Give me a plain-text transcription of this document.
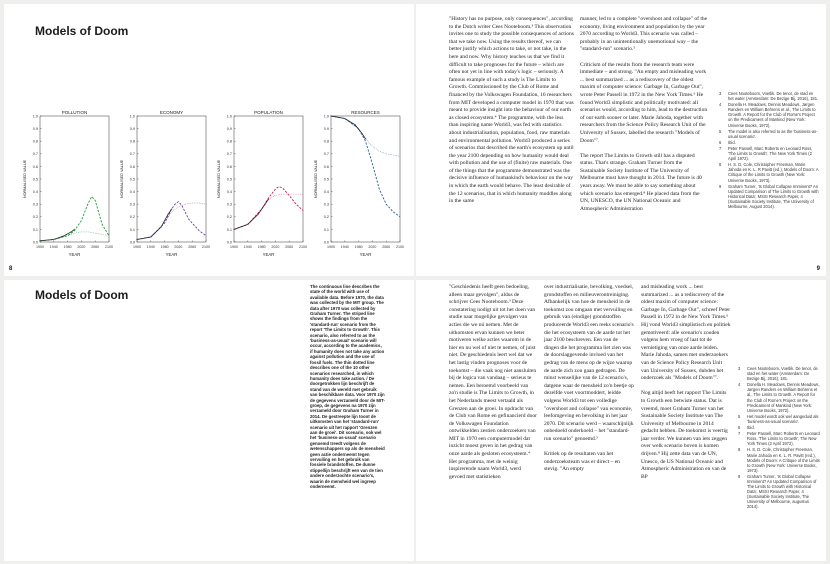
Models of Doom
POLLUTION
0.0
0.1
0.2
0.3
0.4
0.5
0.6
0.7
0.8
0.9
1.0
1900 1940 1980 2020 2060 2100
YEAR
NORMALISED VALUE
ECONOMY
0.0
0.1
0.2
0.3
0.4
0.5
0.6
0.7
0.8
0.9
1.0
1900 1940 1980 2020 2060 2100
YEAR
NORMALISED VALUE
POPULATION
0.0
0.1
0.2
0.3
0.4
0.5
0.6
0.7
0.8
0.9
1.0
1900 1940 1980 2020 2060 2100
YEAR
NORMALISED VALUE
RESOURCES
0.0
0.1
0.2
0.3
0.4
0.5
0.6
0.7
0.8
0.9
1.0
1900 1940 1980 2020 2060 2100
YEAR
NORMALISED VALUE
8
"History has no purpose, only consequences", according to the Dutch writer Cees Nooteboom.³ This observation invites one to study the possible consequences of actions that we take now. Using the results thereof, we can better justify which actions to take, or not take, in the here and now. Why history teaches us that we find it difficult to take prognoses for the future – which are often not yet in line with today's logic – seriously. A famous example of such a study is The Limits to Growth. Commissioned by the Club of Rome and financed by the Volkswagen Foundation, 16 researchers from MIT developed a computer model in 1970 that was meant to provide insight into the behaviour of our earth as closed ecosystem.⁴ The programme, with the less than inspiring name World3, was fed with statistics about industrialisation, population, food, raw materials and environmental pollution. World3 produced a series of scenarios that described the earth's ecosystem up until the year 2100 depending on how humanity would deal with pollution and the use of (finite) raw materials. One of the things that the programme demonstrated was the decisive influence of humankind's behaviour on the way in which the earth would behave. The least desirable of the 12 scenarios, that in which humanity muddles along in the same
manner, led to a complete "overshoot and collapse" of the economy, living environment and population by the year 2070 according to World3. This scenario was called – probably in an unintentionally unemotional way – the "standard-run" scenario.⁵

Criticism of the results from the research team were immediate – and strong. "An empty and misleading work ... best summarized ... as a rediscovery of the oldest maxim of computer science: Garbage In, Garbage Out", wrote Peter Passell in 1972 in the New York Times.⁶ He found World3 simplistic and politically motivated: all scenarios would, according to him, lead to the destruction of our earth sooner or later. Marie Jahoda, together with researchers from the Science Policy Research Unit of the University of Sussex, labelled the research "Models of Doom"⁷.

The report The Limits to Growth still has a disputed status. That's strange. Graham Turner from the Sustainable Society Institute of The University of Melbourne must have thought in 2014. The future is 40 years away. We must be able to say something about which scenario has emerged.⁸ He placed data from the UN, UNESCO, the UN National Oceanic and Atmospheric Administration
3 Cees Nooteboom, Voetlik. De tenor, de stad en het water (Amsterdam: De Bezige Bij, 2016), 181.
4 Donella H. Meadows, Dennis Meadows, Jørgen Randers en William Behrens et al., The Limits to Growth. A Report for the Club of Rome's Project on the Predicament of Mankind (New York: Universe Books, 1972).
5 The model is also referred to as the 'business-as-usual scenario'.
6 Ibid.
7 Peter Passell, Marc Roberts en Leonard Ross, 'The Limits to Growth', The New York Times (2 April 1972).
8 H. S. D. Cole, Christopher Freeman, Marie Jahoda en K. L. R Pavitt (ed.), Models of Doom: A Critique of the Limits to Growth (New York: Universe Books, 1973).
9 Graham Turner, 'Is Global Collapse Imminent? An Updated Comparison of The Limits to Growth with Historical Data', MSSI Research Paper, 4 (Sustainable Society Institute, The University of Melbourne, August 2014).
9
Models of Doom
The continuous line describes the state of the world with use of available data. Before 1970, the data was collected by the MIT group. The data after 1970 was collected by Graham Turner. The striped line shows the findings from the 'standard-run' scenario from the report 'The Limits to Growth'. This scenario, also referred to as the 'business-as-usual' scenario will occur, according to the academics, if humanity does not take any action against pollution and the use of fossil fuels. The thin dotted line describes one of the 10 other scenarios researched, in which humanity does take action. / De doorgetrokken lijn beschrijft de stand van de wereld met gebruik van beschikbare data. Voor 1970 zijn de gegevens verzameld door de MIT-groep, de gegevens na 1970 zijn verzameld door Graham Turner in 2014. De gestreepte lijn toont de uitkomsten van het 'standard-run' scenario uit het rapport 'Grenzen aan de groei'. Dit scenario, ook wel het 'business-as-usual' scenario genoemd treedt volgens de wetenschappers op als de mensheid geen actie onderneemt tegen vervuiling en het gebruik van fossiele brandstoffen. De dunne stippellijn beschrijft een van de tien andere onderzochte scenario's, waarin de mensheid wel ingreep onderneemt.
"Geschiedenis heeft geen bedoeling, alleen maar gevolgen", aldus de schrijver Cees Nooteboom.³ Deze constatering nodigt uit tot het doen van studie naar mogelijke gevolgen van acties die we nú nemen. Met de uitkomsten ervan kunnen we beter motiveren welke acties waarom in de hier en nu wel of niet te nemen, of juist niet. De geschiedenis leert wel dat we het lastig vinden prognoses voor de toekomst – die vaak nog niet aansluiten bij de logica van vandaag – serieus te nemen. Een beroemd voorbeeld van zo'n studie is The Limits to Growth, in het Nederlands meest vertaald als Grenzen aan de groei. In opdracht van de Club van Rome en gefinancierd door de Volkswagen Foundation ontwikkelden zestien onderzoekers van MIT in 1970 een computermodel dat inzicht moest geven in het gedrag van onze aarde als gesloten ecosysteem.⁴ Het programma, met de weinig inspirerende naam World3, werd gevoed met statistieken
over industrialisatie, bevolking, voedsel, grondstoffen en milieuverontreiniging. Afhankelijk van hoe de mensheid in de toekomst zou omgaan met vervuiling en gebruik van (eindige) grondstoffen produceerde World3 een reeks scenario's die het ecosysteem van de aarde tot het jaar 2100 beschreven. Een van de dingen die het programma liet zien was de doorslaggevende invloed van het gedrag van de mens op de wijze waarop de aarde zich zou gaan gedragen. De minst wenselijke van de 12 scenario's, datgene waar de mensheid zo'n beetje op dezelfde voet voortmoddert, leidde volgens World3 tot een volledige "overshoot and collapse" van economie, leefomgeving en bevolking in het jaar 2070. Dit scenario werd – waarschijnlijk onbedoeld onderkoeld – het "standard-run scenario" genoemd.⁵

Kritiek op de resultaten van het onderzoeksteam was er direct – en stevig. "An empty
and misleading work ... best summarized ... as a rediscovery of the oldest maxim of computer science: Garbage In, Garbage Out", schreef Peter Passell in 1972 in de New York Times.⁶ Hij vond World3 simplistisch en politiek gemotiveerd: alle scenario's zouden volgens hem vroeg of laat tot de vernietiging van onze aarde leiden. Marie Jahoda, samen met onderzoekers van de Science Policy Research Unit van University of Sussex, dubden het onderzoek als "Models of Doom"⁷.

Nog altijd heeft het rapport The Limits to Growth een betwiste status. Dat is vreemd, moet Graham Turner van het Sustainable Society Institute van The University of Melbourne in 2014 gedacht hebben. De toekomst is veertig jaar verder. We kunnen van iets zeggen over welk scenario boven is komen drijven.⁸ Hij zette data van de UN, Unesco, de US National Oceanic and Atmospheric Administration en van de BP
3 Cees Nooteboom, Voetlik. De tenor, de stad en het water (Amsterdam: De Bezige Bij, 2016), 181.
4 Donella H. Meadows, Dennis Meadows, Jørgen Randers en William Behrens et al., The Limits to Growth. A Report for the Club of Rome's Project on the Predicament of Mankind (New York: Universe Books, 1972).
5 Het model wordt ook wel aangeduid als 'business-as-usual scenario'.
6 Ibid.
7 Peter Passell, Marc Roberts en Leonard Ross, 'The Limits to Growth', The New York Times (2 April 1972).
8 H. S. D. Cole, Christopher Freeman, Marie Jahoda en K. L. R. Pavitt (red.), Models of Doom: A Critique of the Limits to Growth (New York: Universe Books, 1973).
9 Graham Turner, 'Is Global Collapse Imminent? An Updated Comparison of The Limits to Growth with Historical Data', MSSI Research Paper, 4 (Sustainable Society Institute, The University of Melbourne, augustus 2014).
